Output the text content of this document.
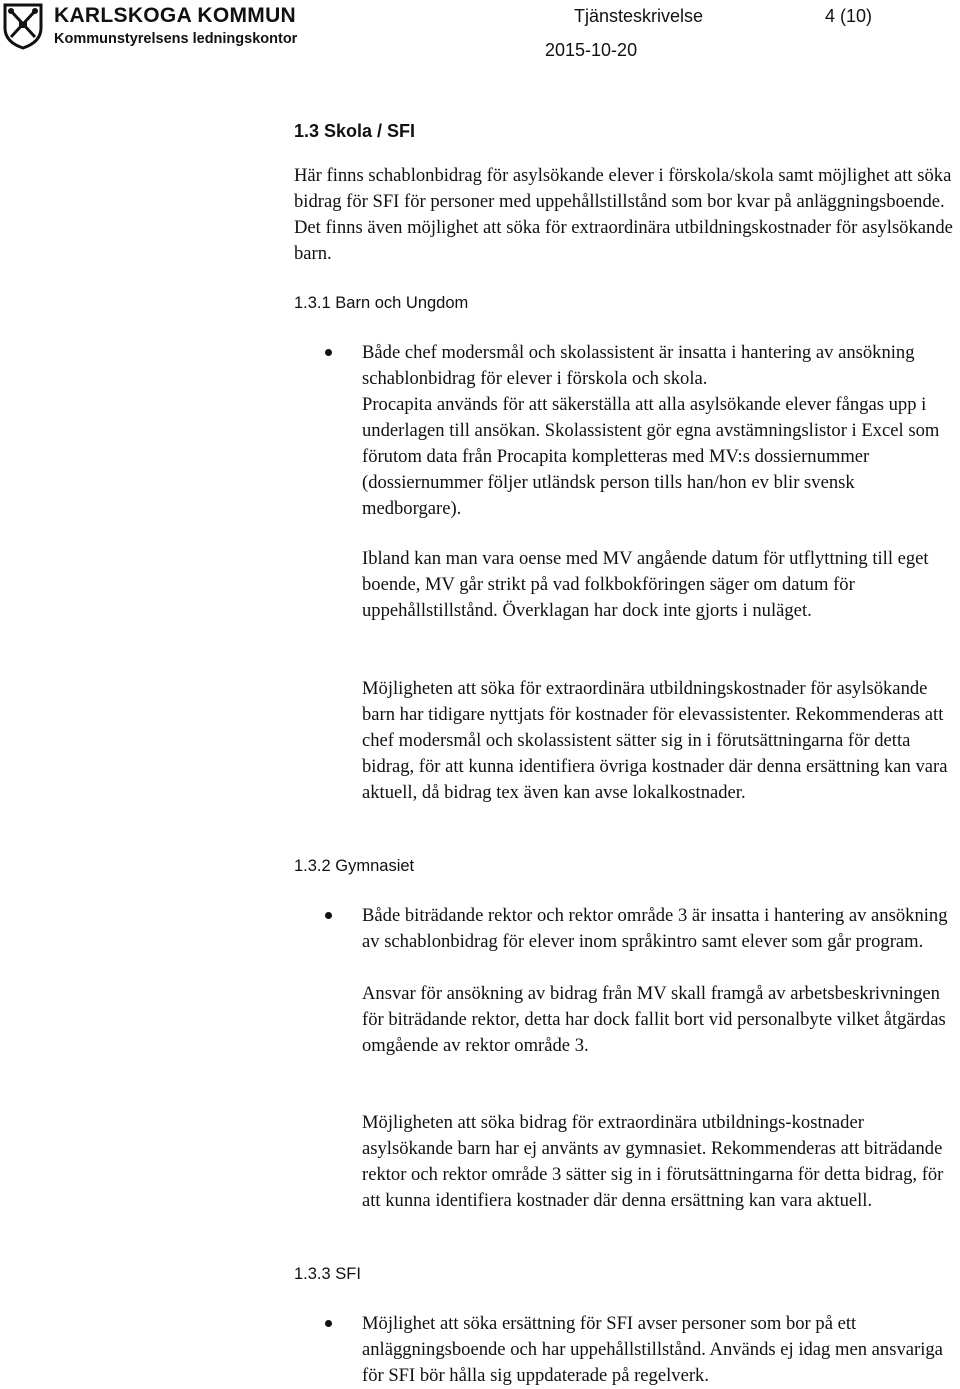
KARLSKOGA KOMMUN
Kommunstyrelsens ledningskontor
Tjänsteskrivelse	4 (10)
2015-10-20
1.3 Skola / SFI

Här finns schablonbidrag för asylsökande elever i förskola/skola samt möjlighet att söka bidrag för SFI för personer med uppehållstillstånd som bor kvar på anläggningsboende. Det finns även möjlighet att söka för extraordinära utbildningskostnader för asylsökande barn.

1.3.1 Barn och Ungdom

Både chef modersmål och skolassistent är insatta i hantering av ansökning schablonbidrag för elever i förskola och skola.

Procapita används för att säkerställa att alla asylsökande elever fångas upp i underlagen till ansökan. Skolassistent gör egna avstämningslistor i Excel som förutom data från Procapita kompletteras med MV:s dossiernummer (dossiernummer följer utländsk person tills han/hon ev blir svensk medborgare).

Ibland kan man vara oense med MV angående datum för utflyttning till eget boende, MV går strikt på vad folkbokföringen säger om datum för uppehållstillstånd. Överklagan har dock inte gjorts i nuläget.

Möjligheten att söka för extraordinära utbildningskostnader för asylsökande barn har tidigare nyttjats för kostnader för elevassistenter. Rekommenderas att chef modersmål och skolassistent sätter sig in i förutsättningarna för detta bidrag, för att kunna identifiera övriga kostnader där denna ersättning kan vara aktuell, då bidrag tex även kan avse lokalkostnader.

1.3.2 Gymnasiet

Både biträdande rektor och rektor område 3 är insatta i hantering av ansökning av schablonbidrag för elever inom språkintro samt elever som går program.

Ansvar för ansökning av bidrag från MV skall framgå av arbetsbeskrivningen för biträdande rektor, detta har dock fallit bort vid personalbyte vilket åtgärdas omgående av rektor område 3.

Möjligheten att söka bidrag för extraordinära utbildnings-kostnader asylsökande barn har ej använts av gymnasiet. Rekommenderas att biträdande rektor och rektor område 3 sätter sig in i förutsättningarna för detta bidrag, för att kunna identifiera kostnader där denna ersättning kan vara aktuell.

1.3.3 SFI

Möjlighet att söka ersättning för SFI avser personer som bor på ett anläggningsboende och har uppehållstillstånd. Används ej idag men ansvariga för SFI bör hålla sig uppdaterade på regelverk.
